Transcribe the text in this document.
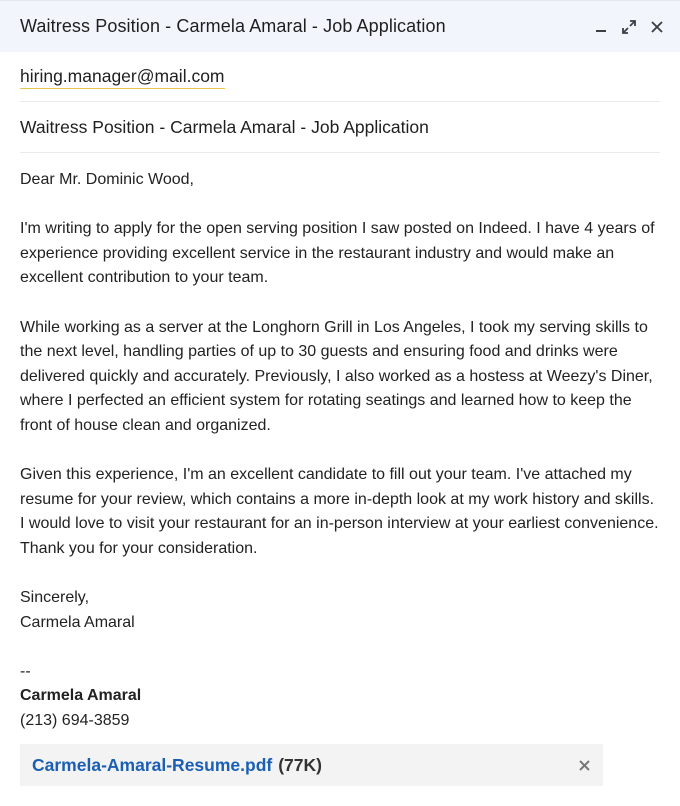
Waitress Position - Carmela Amaral - Job Application
hiring.manager@mail.com
Waitress Position - Carmela Amaral - Job Application

Dear Mr. Dominic Wood,

I'm writing to apply for the open serving position I saw posted on Indeed. I have 4 years of experience providing excellent service in the restaurant industry and would make an excellent contribution to your team.

While working as a server at the Longhorn Grill in Los Angeles, I took my serving skills to the next level, handling parties of up to 30 guests and ensuring food and drinks were delivered quickly and accurately. Previously, I also worked as a hostess at Weezy's Diner, where I perfected an efficient system for rotating seatings and learned how to keep the front of house clean and organized.

Given this experience, I'm an excellent candidate to fill out your team. I've attached my resume for your review, which contains a more in-depth look at my work history and skills. I would love to visit your restaurant for an in-person interview at your earliest convenience. Thank you for your consideration.

Sincerely,

Carmela Amaral

--

Carmela Amaral

(213) 694-3859

Carmela-Amaral-Resume.pdf (77K)
